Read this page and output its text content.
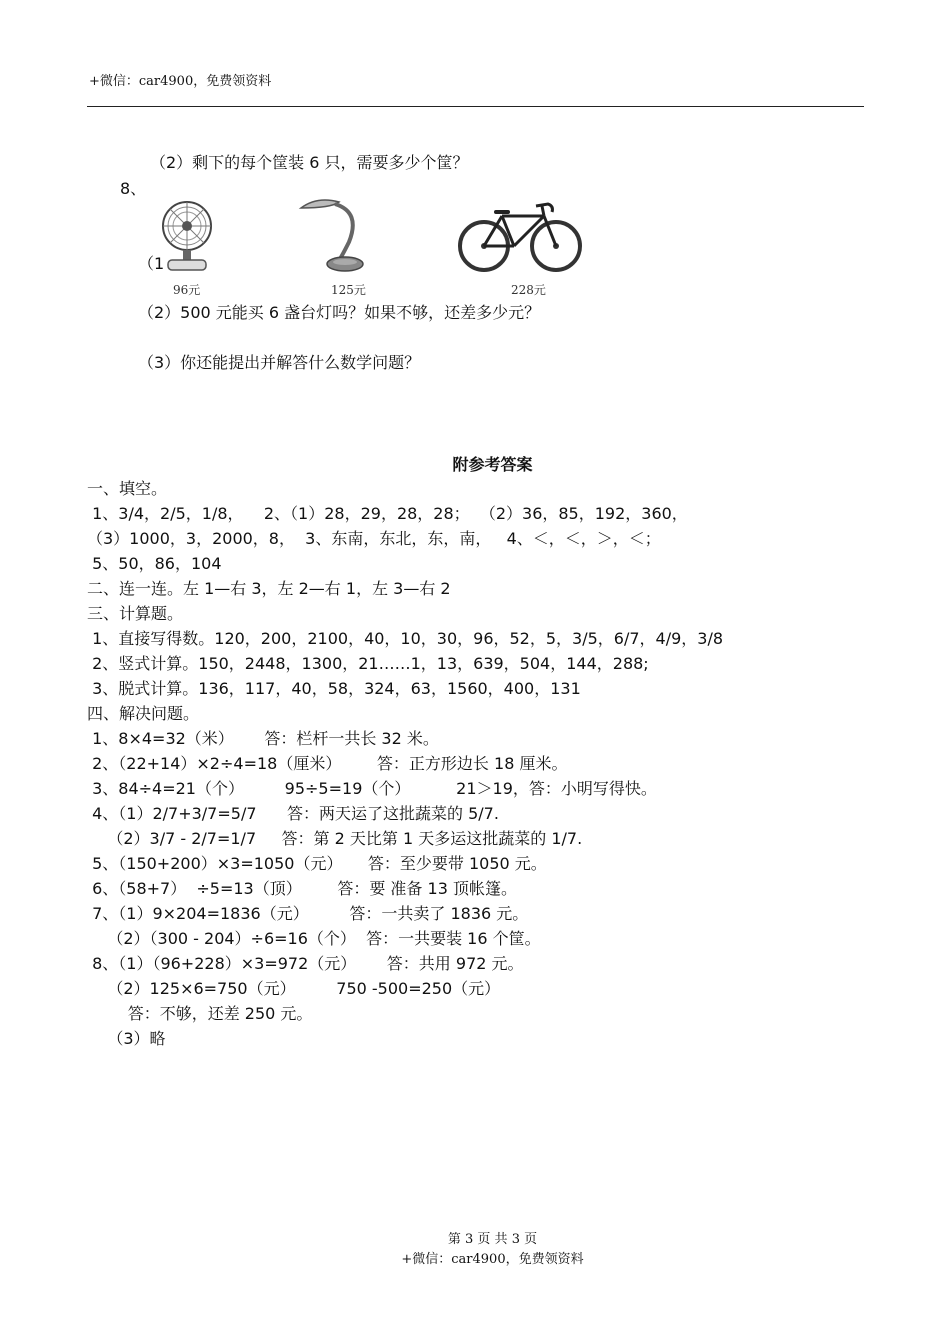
+微信：car4900，免费领资料
（2）剩下的每个筐装 6 只，需要多少个筐？
8、
（1
96元	125元	228元
（2）500 元能买 6 盏台灯吗？如果不够，还差多少元？
（3）你还能提出并解答什么数学问题？
附参考答案
一、填空。
1、3/4，2/5，1/8，    2、（1）28，29，28，28；  （2）36，85，192，360，
（3）1000，3，2000，8，  3、东南，东北，东，南，   4、＜，＜，＞，＜；
5、50，86，104
二、连一连。左 1—右 3，左 2—右 1，左 3—右 2
三、计算题。
1、直接写得数。120，200，2100，40，10，30，96，52，5，3/5，6/7，4/9，3/8
2、竖式计算。150，2448，1300，21……1，13，639，504，144，288;
3、脱式计算。136，117，40，58，324，63，1560，400，131
四、解决问题。
1、8×4=32（米）      答：栏杆一共长 32 米。
2、（22+14）×2÷4=18（厘米）       答：正方形边长 18 厘米。
3、84÷4=21（个）        95÷5=19（个）         21＞19，答：小明写得快。
4、（1）2/7+3/7=5/7      答：两天运了这批蔬菜的 5/7.
（2）3/7 - 2/7=1/7     答：第 2 天比第 1 天多运这批蔬菜的 1/7.
5、（150+200）×3=1050（元）     答：至少要带 1050 元。
6、（58+7）  ÷5=13（顶）       答：要 准备 13 顶帐篷。
7、（1）9×204=1836（元）        答：一共卖了 1836 元。
（2）（300 - 204）÷6=16（个）  答：一共要装 16 个筐。
8、（1）（96+228）×3=972（元）      答：共用 972 元。
（2）125×6=750（元）        750 -500=250（元）
答：不够，还差 250 元。
（3）略
第 3 页 共 3 页
+微信：car4900，免费领资料
